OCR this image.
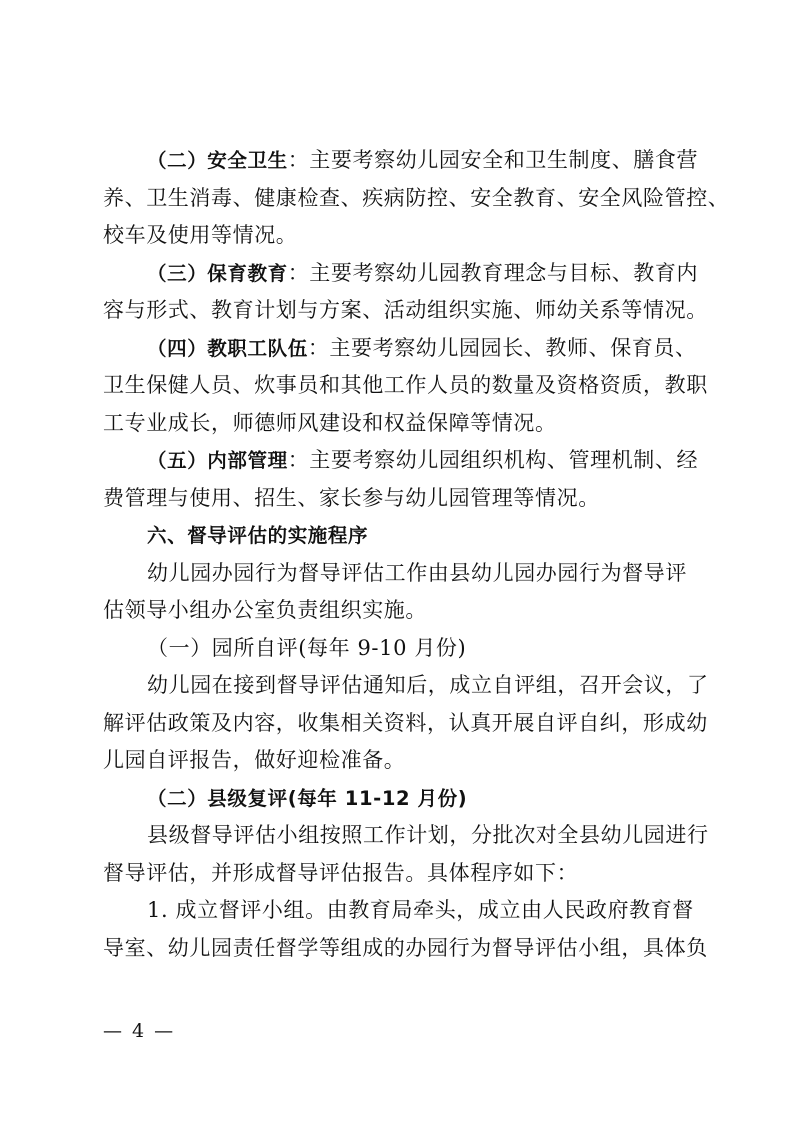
（二）安全卫生：主要考察幼儿园安全和卫生制度、膳食营
养、卫生消毒、健康检查、疾病防控、安全教育、安全风险管控、
校车及使用等情况。
（三）保育教育：主要考察幼儿园教育理念与目标、教育内
容与形式、教育计划与方案、活动组织实施、师幼关系等情况。
（四）教职工队伍：主要考察幼儿园园长、教师、保育员、
卫生保健人员、炊事员和其他工作人员的数量及资格资质，教职
工专业成长，师德师风建设和权益保障等情况。
（五）内部管理：主要考察幼儿园组织机构、管理机制、经
费管理与使用、招生、家长参与幼儿园管理等情况。
六、督导评估的实施程序
幼儿园办园行为督导评估工作由县幼儿园办园行为督导评
估领导小组办公室负责组织实施。
（一）园所自评(每年 9-10 月份)
幼儿园在接到督导评估通知后，成立自评组，召开会议，了
解评估政策及内容，收集相关资料，认真开展自评自纠，形成幼
儿园自评报告，做好迎检准备。
（二）县级复评(每年 11-12 月份)
县级督导评估小组按照工作计划，分批次对全县幼儿园进行
督导评估，并形成督导评估报告。具体程序如下：
1. 成立督评小组。由教育局牵头，成立由人民政府教育督
导室、幼儿园责任督学等组成的办园行为督导评估小组，具体负
— 4 —
